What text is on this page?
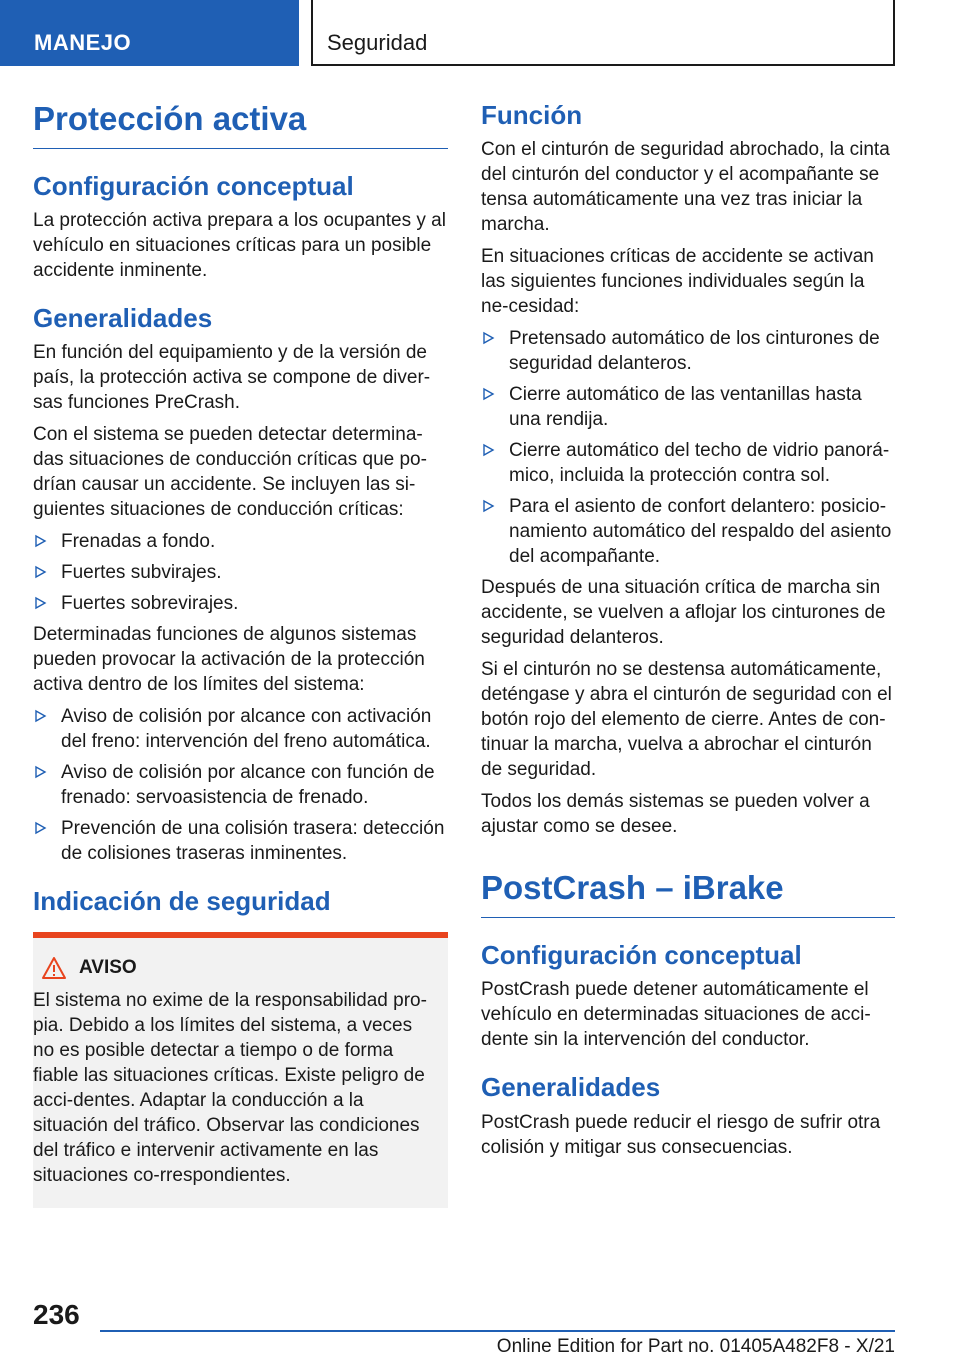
MANEJO	Seguridad
Protección activa
Configuración conceptual

La protección activa prepara a los ocupantes y al vehículo en situaciones críticas para un posible accidente inminente.

Generalidades

En función del equipamiento y de la versión de país, la protección activa se compone de diver‐sas funciones PreCrash.

Con el sistema se pueden detectar determina‐das situaciones de conducción críticas que po‐drían causar un accidente. Se incluyen las si‐guientes situaciones de conducción críticas:

Frenadas a fondo.
Fuertes subvirajes.
Fuertes sobrevirajes.

Determinadas funciones de algunos sistemas pueden provocar la activación de la protección activa dentro de los límites del sistema:

Aviso de colisión por alcance con activación del freno: intervención del freno automática.
Aviso de colisión por alcance con función de frenado: servoasistencia de frenado.
Prevención de una colisión trasera: detección de colisiones traseras inminentes.
Indicación de seguridad
AVISO

El sistema no exime de la responsabilidad pro‐pia. Debido a los límites del sistema, a veces no es posible detectar a tiempo o de forma fiable las situaciones críticas. Existe peligro de acci‐dentes. Adaptar la conducción a la situación del tráfico. Observar las condiciones del tráfico e intervenir activamente en las situaciones co‐rrespondientes.

Función

Con el cinturón de seguridad abrochado, la cinta del cinturón del conductor y el acompañante se tensa automáticamente una vez tras iniciar la marcha.

En situaciones críticas de accidente se activan las siguientes funciones individuales según la ne‐cesidad:

Pretensado automático de los cinturones de seguridad delanteros.
Cierre automático de las ventanillas hasta una rendija.
Cierre automático del techo de vidrio panorá‐mico, incluida la protección contra sol.
Para el asiento de confort delantero: posicio‐namiento automático del respaldo del asiento del acompañante.

Después de una situación crítica de marcha sin accidente, se vuelven a aflojar los cinturones de seguridad delanteros.

Si el cinturón no se destensa automáticamente, deténgase y abra el cinturón de seguridad con el botón rojo del elemento de cierre. Antes de con‐tinuar la marcha, vuelva a abrochar el cinturón de seguridad.

Todos los demás sistemas se pueden volver a ajustar como se desee.

PostCrash – iBrake
Configuración conceptual

PostCrash puede detener automáticamente el vehículo en determinadas situaciones de acci‐dente sin la intervención del conductor.

Generalidades

PostCrash puede reducir el riesgo de sufrir otra colisión y mitigar sus consecuencias.

236
Online Edition for Part no. 01405A482F8 - X/21
